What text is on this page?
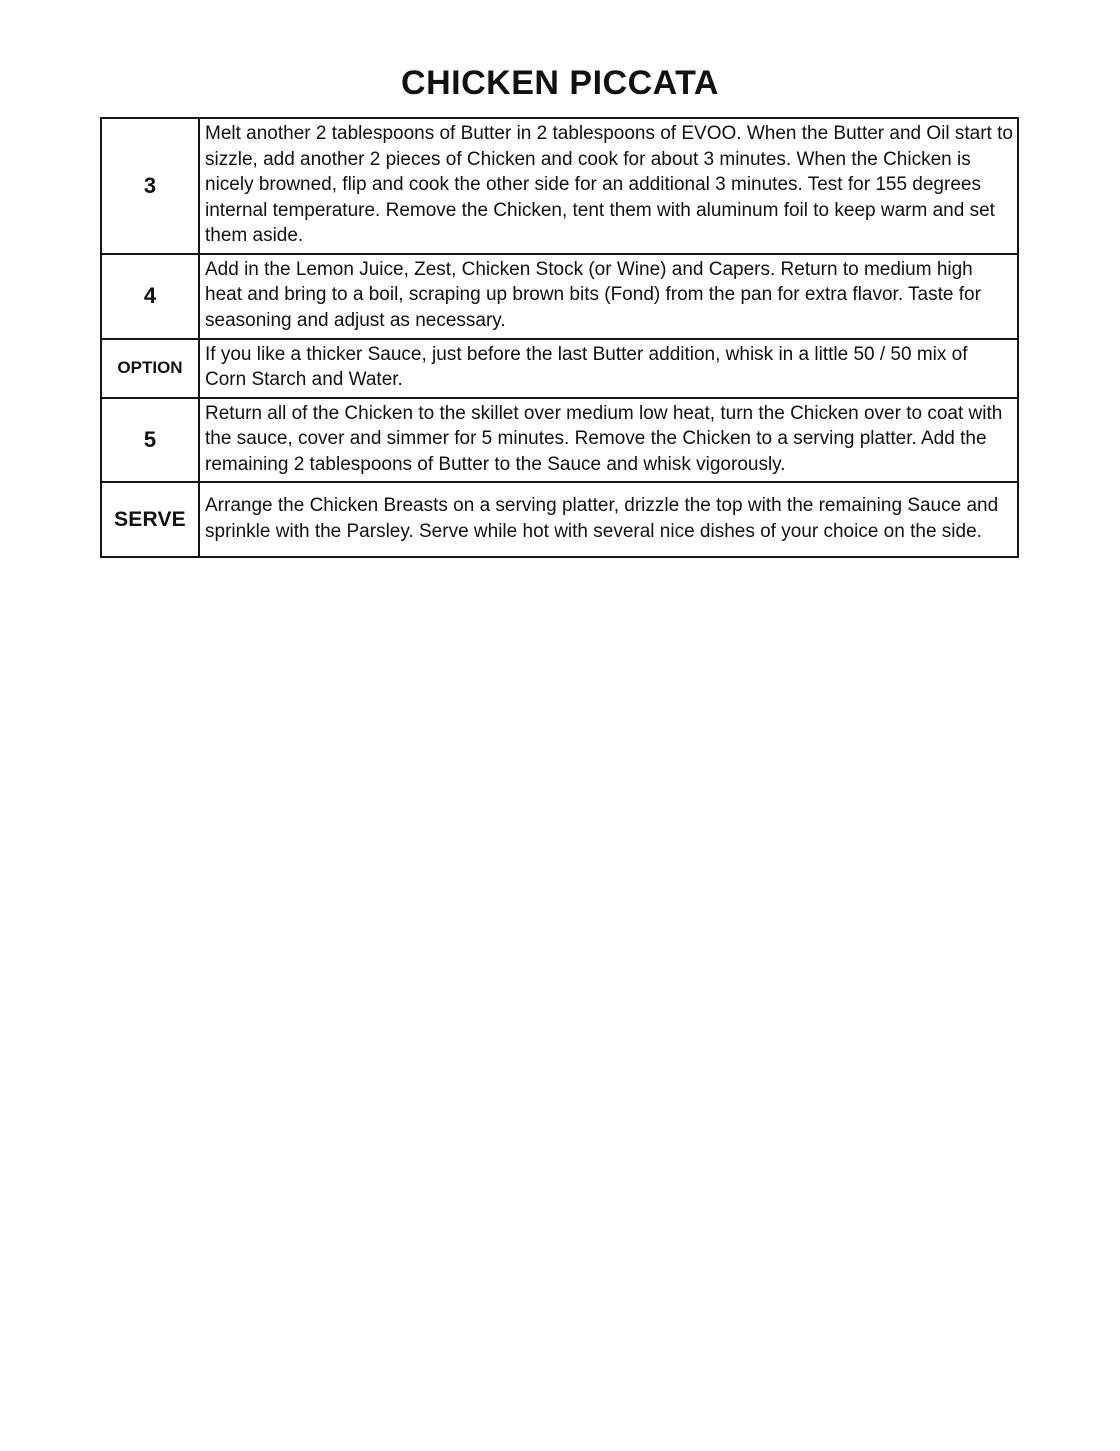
CHICKEN PICCATA
3	Melt another 2 tablespoons of Butter in 2 tablespoons of EVOO. When the Butter and Oil start to sizzle, add another 2 pieces of Chicken and cook for about 3 minutes. When the Chicken is nicely browned, flip and cook the other side for an additional 3 minutes. Test for 155 degrees internal temperature. Remove the Chicken, tent them with aluminum foil to keep warm and set them aside.
4	Add in the Lemon Juice, Zest, Chicken Stock (or Wine) and Capers. Return to medium high heat and bring to a boil, scraping up brown bits (Fond) from the pan for extra flavor. Taste for seasoning and adjust as necessary.
OPTION	If you like a thicker Sauce, just before the last Butter addition, whisk in a little 50 / 50 mix of Corn Starch and Water.
5	Return all of the Chicken to the skillet over medium low heat, turn the Chicken over to coat with the sauce, cover and simmer for 5 minutes. Remove the Chicken to a serving platter. Add the remaining 2 tablespoons of Butter to the Sauce and whisk vigorously.
SERVE	Arrange the Chicken Breasts on a serving platter, drizzle the top with the remaining Sauce and sprinkle with the Parsley. Serve while hot with several nice dishes of your choice on the side.
